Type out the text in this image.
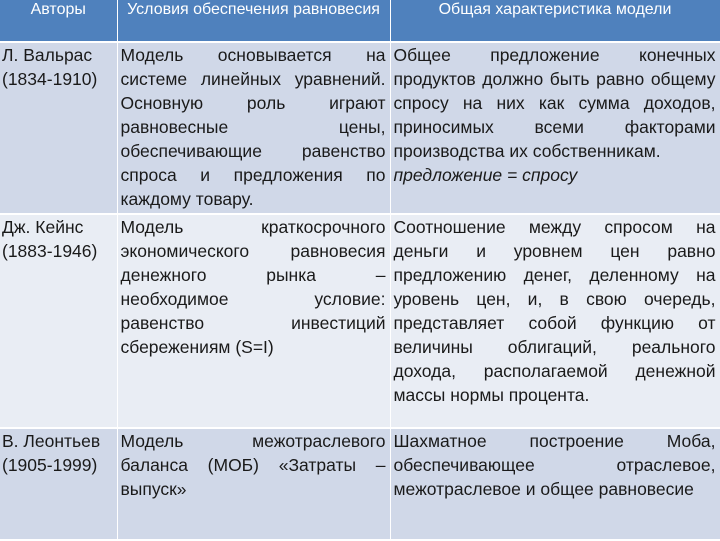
Авторы	Условия обеспечения равновесия	Общая характеристика модели

Л. Вальрас
(1834-1910)	Модель основывается на системе линейных уравнений. Основную роль играют равновесные цены, обеспечивающие равенство спроса и предложения по каждому товару.	Общее предложение конечных продуктов должно быть равно общему спросу на них как сумма доходов, приносимых всеми факторами производства их собственникам.
предложение = спросу

Дж. Кейнс
(1883-1946)	Модель краткосрочного экономического равновесия денежного рынка – необходимое условие: равенство инвестиций сбережениям (S=I)	Соотношение между спросом на деньги и уровнем цен равно предложению денег, деленному на уровень цен, и, в свою очередь, представляет собой функцию от величины облигаций, реального дохода, располагаемой денежной массы нормы процента.

В. Леонтьев
(1905-1999)	Модель межотраслевого баланса (МОБ) «Затраты – выпуск»	Шахматное построение Моба, обеспечивающее отраслевое, межотраслевое и общее равновесие
